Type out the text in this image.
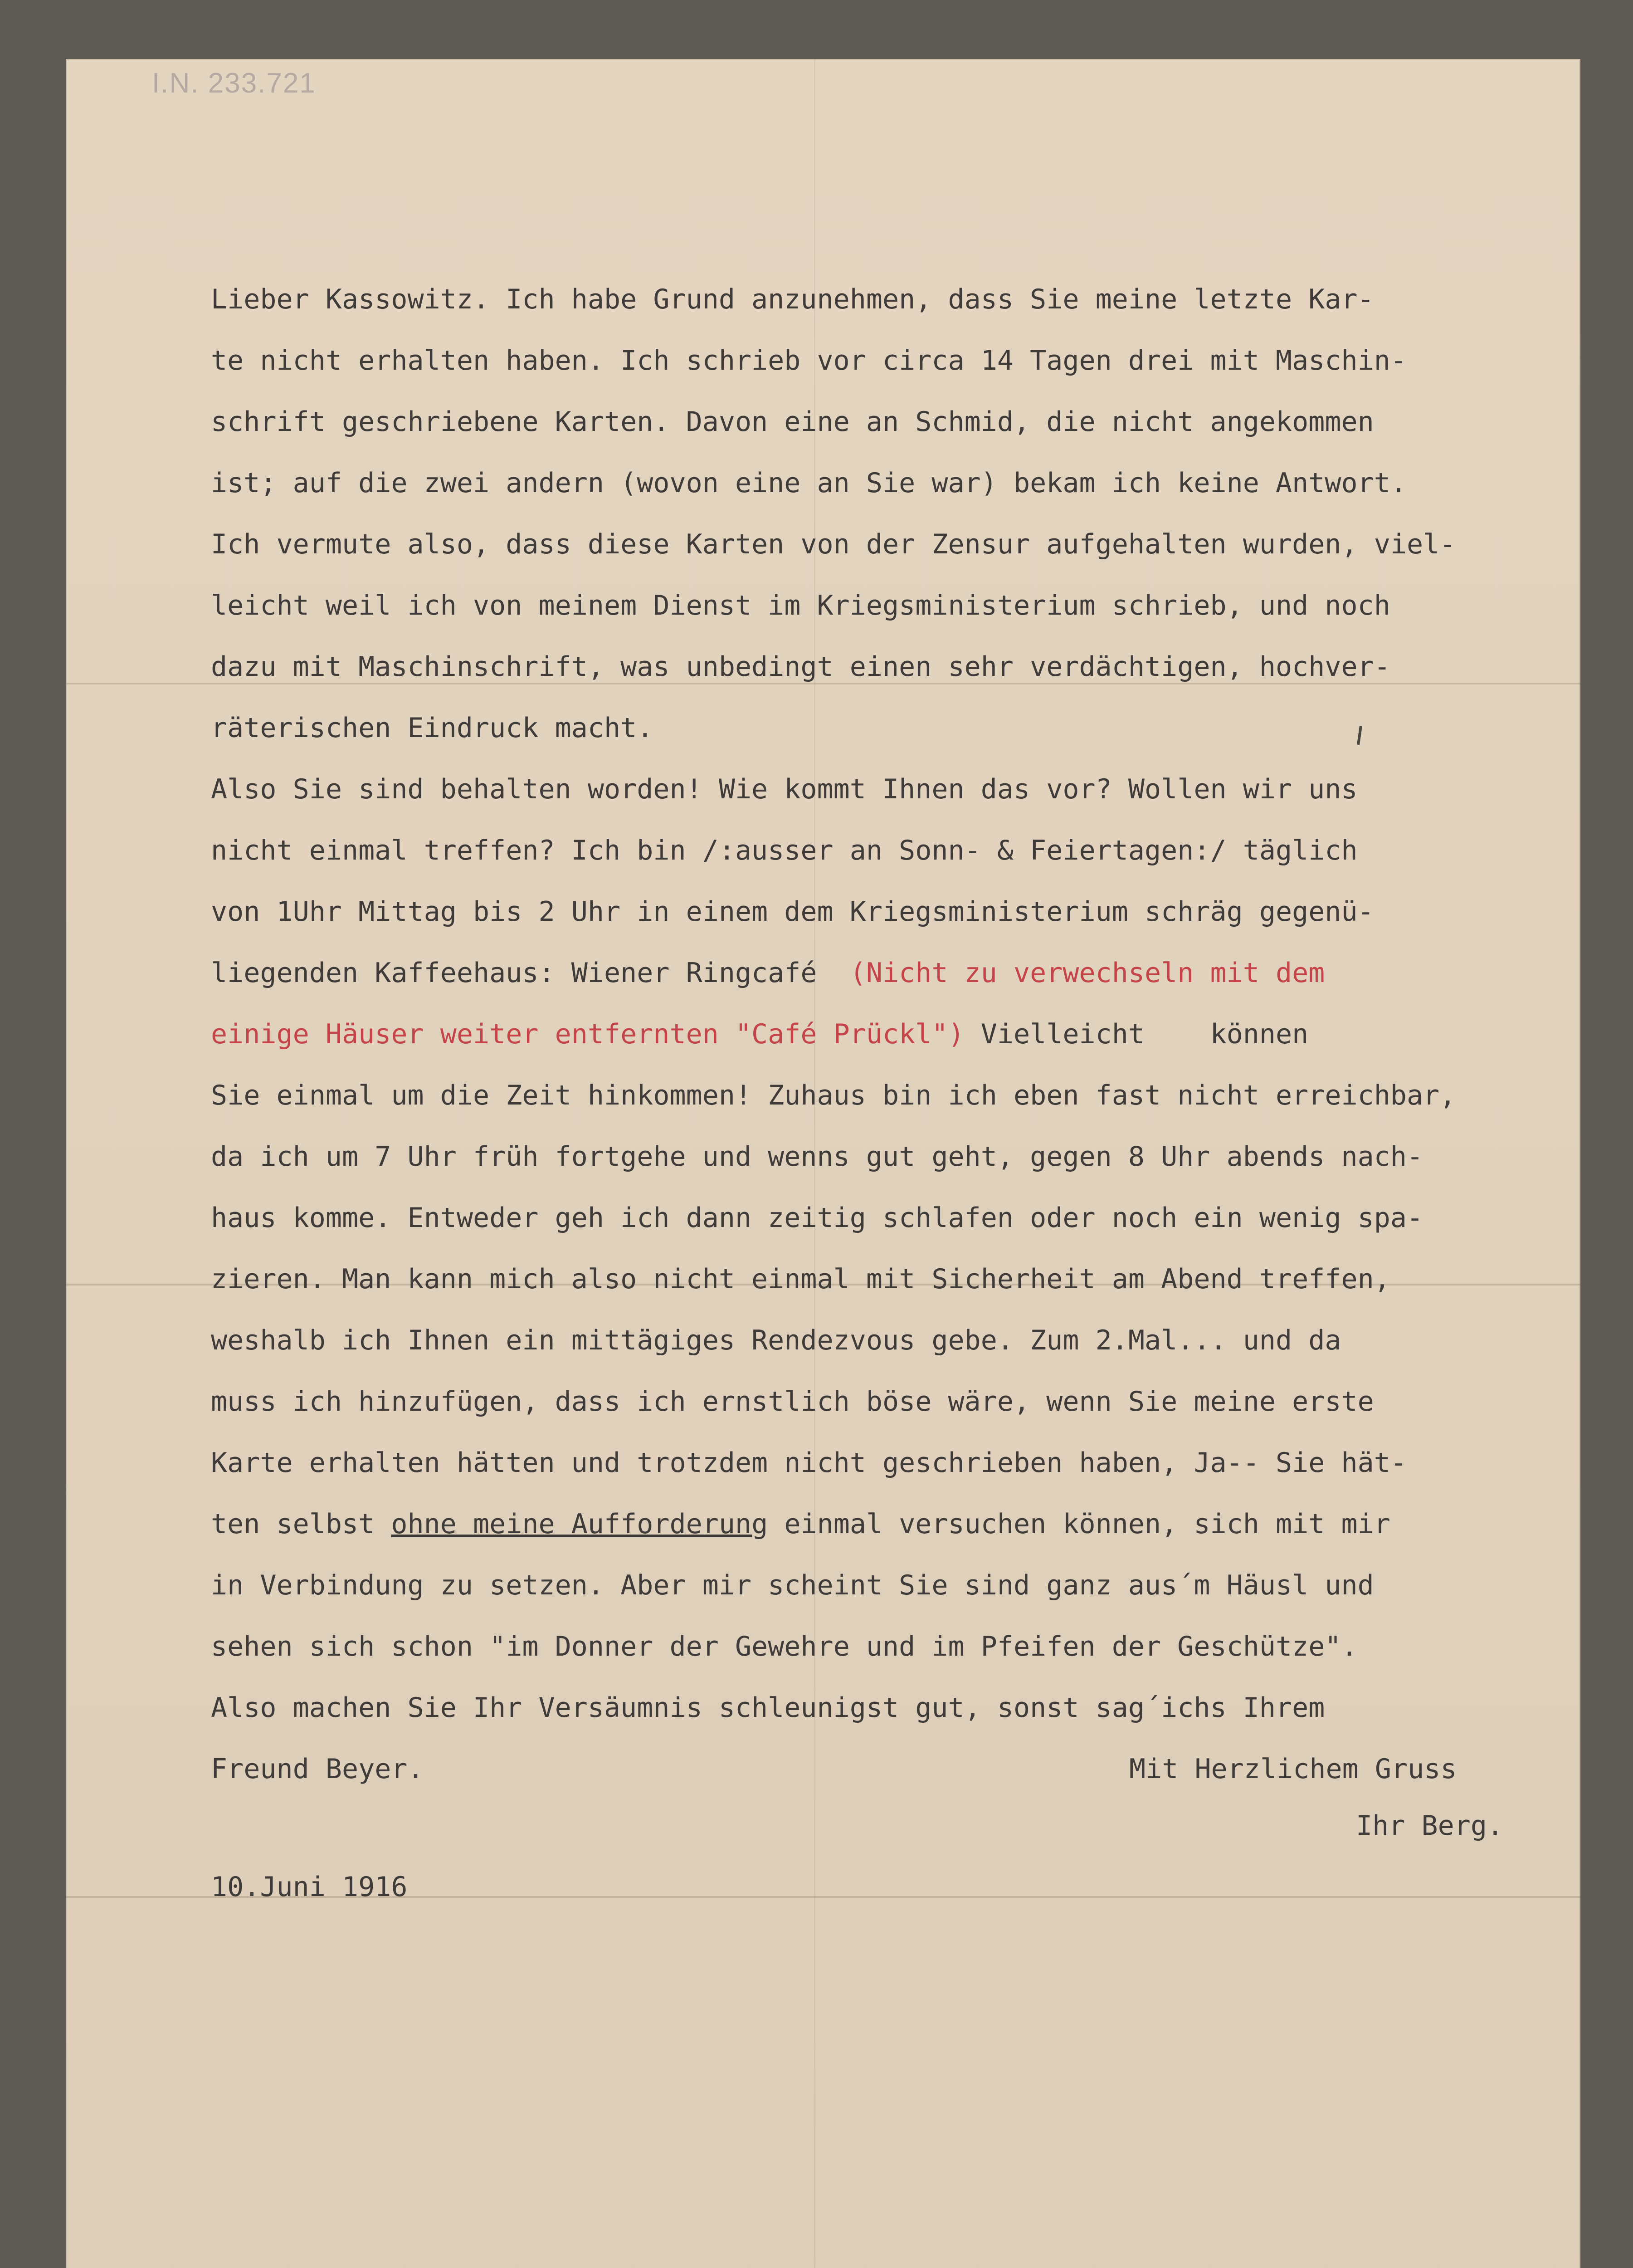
I.N. 233.721
Lieber Kassowitz. Ich habe Grund anzunehmen, dass Sie meine letzte Kar-
te nicht erhalten haben. Ich schrieb vor circa 14 Tagen drei mit Maschin-
schrift geschriebene Karten. Davon eine an Schmid, die nicht angekommen
ist; auf die zwei andern (wovon eine an Sie war) bekam ich keine Antwort.
Ich vermute also, dass diese Karten von der Zensur aufgehalten wurden, viel-
leicht weil ich von meinem Dienst im Kriegsministerium schrieb, und noch
dazu mit Maschinschrift, was unbedingt einen sehr verdächtigen, hochver-
räterischen Eindruck macht.
Also Sie sind behalten worden! Wie kommt Ihnen das vor? Wollen wir uns
nicht einmal treffen? Ich bin /:ausser an Sonn- & Feiertagen:/ täglich
von 1Uhr Mittag bis 2 Uhr in einem dem Kriegsministerium schräg gegenü-
liegenden Kaffeehaus: Wiener Ringcafé  (Nicht zu verwechseln mit dem
einige Häuser weiter entfernten "Café Prückl") Vielleicht    können
Sie einmal um die Zeit hinkommen! Zuhaus bin ich eben fast nicht erreichbar,
da ich um 7 Uhr früh fortgehe und wenns gut geht, gegen 8 Uhr abends nach-
haus komme. Entweder geh ich dann zeitig schlafen oder noch ein wenig spa-
zieren. Man kann mich also nicht einmal mit Sicherheit am Abend treffen,
weshalb ich Ihnen ein mittägiges Rendezvous gebe. Zum 2.Mal... und da
muss ich hinzufügen, dass ich ernstlich böse wäre, wenn Sie meine erste
Karte erhalten hätten und trotzdem nicht geschrieben haben, Ja-- Sie hät-
ten selbst ohne meine Aufforderung einmal versuchen können, sich mit mir
in Verbindung zu setzen. Aber mir scheint Sie sind ganz aus´m Häusl und
sehen sich schon "im Donner der Gewehre und im Pfeifen der Geschütze".
Also machen Sie Ihr Versäumnis schleunigst gut, sonst sag´ichs Ihrem
Freund Beyer.
10.Juni 1916
Mit Herzlichem Gruss
Ihr Berg.
